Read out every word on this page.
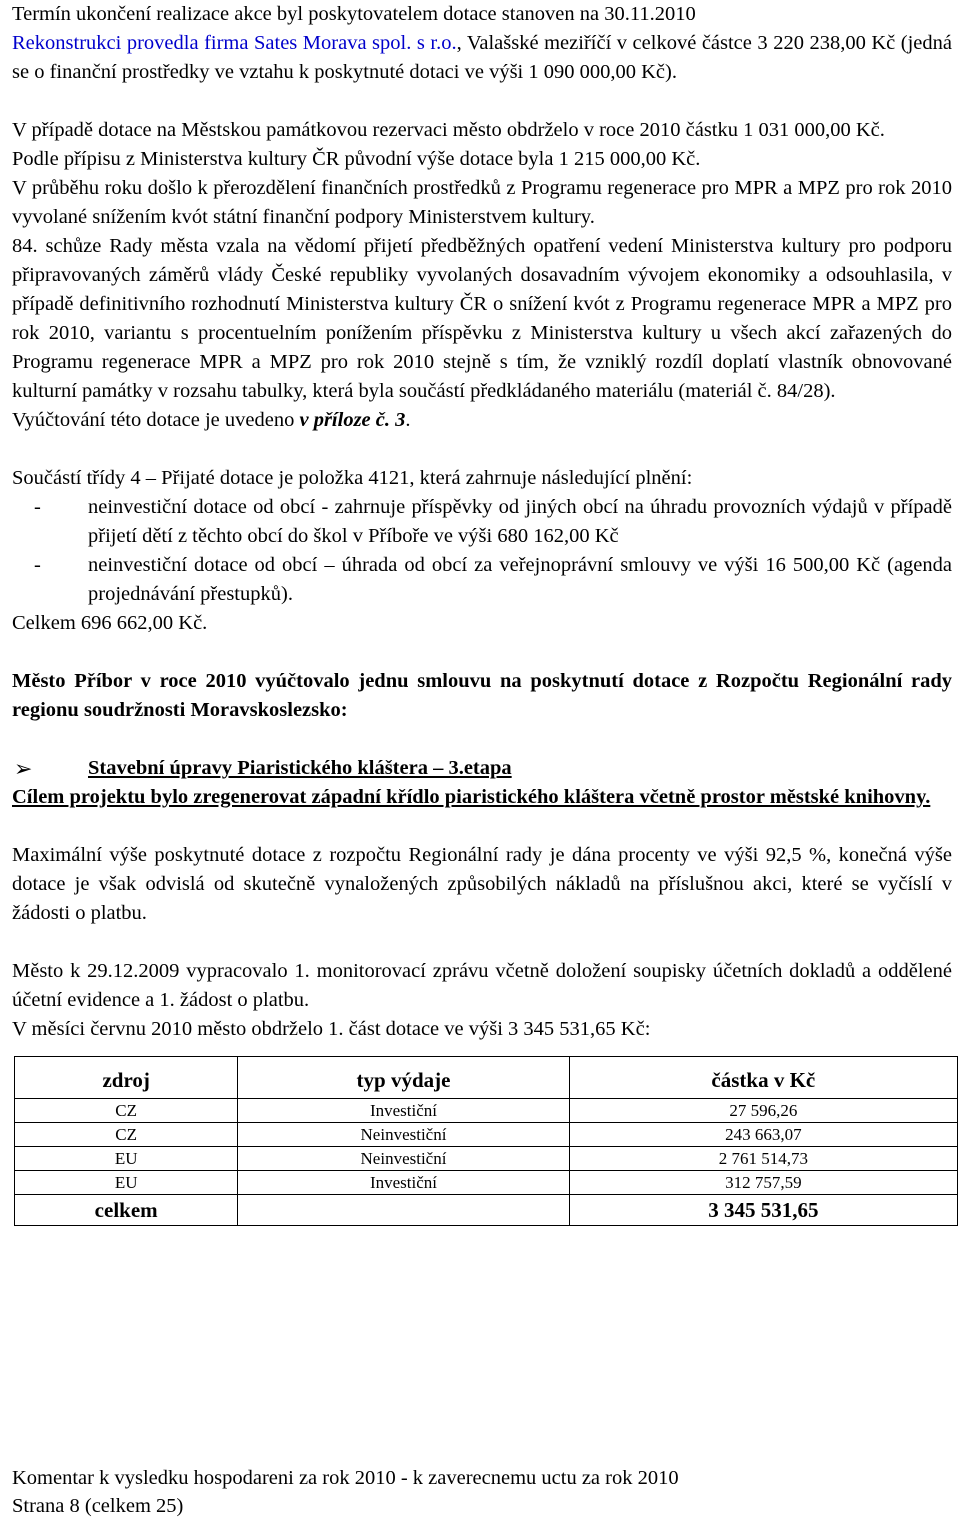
Termín ukončení realizace akce byl poskytovatelem dotace stanoven na 30.11.2010

Rekonstrukci provedla firma Sates Morava spol. s r.o., Valašské meziříčí v celkové částce 3 220 238,00 Kč (jedná se o finanční prostředky ve vztahu k poskytnuté dotaci ve výši 1 090 000,00 Kč).

V případě dotace na Městskou památkovou rezervaci město obdrželo v roce 2010 částku 1 031 000,00 Kč.

Podle přípisu z Ministerstva kultury ČR původní výše dotace byla 1 215 000,00 Kč.

V průběhu roku došlo k přerozdělení finančních prostředků z Programu regenerace pro MPR a MPZ pro rok 2010 vyvolané snížením kvót státní finanční podpory Ministerstvem kultury.

84. schůze Rady města vzala na vědomí přijetí předběžných opatření vedení Ministerstva kultury pro podporu připravovaných záměrů vlády České republiky vyvolaných dosavadním vývojem ekonomiky a odsouhlasila, v případě definitivního rozhodnutí Ministerstva kultury ČR o snížení kvót z Programu regenerace MPR a MPZ pro rok 2010, variantu s procentuelním ponížením příspěvku z Ministerstva kultury u všech akcí zařazených do Programu regenerace MPR a MPZ pro rok 2010 stejně s tím, že vzniklý rozdíl doplatí vlastník obnovované kulturní památky v rozsahu tabulky, která byla součástí předkládaného materiálu (materiál č. 84/28).

Vyúčtování této dotace je uvedeno v příloze č. 3.

Součástí třídy 4 – Přijaté dotace je položka 4121, která zahrnuje následující plnění:

- neinvestiční dotace od obcí - zahrnuje příspěvky od jiných obcí na úhradu provozních výdajů v případě přijetí dětí z těchto obcí do škol v Příboře ve výši 680 162,00 Kč
- neinvestiční dotace od obcí – úhrada od obcí za veřejnoprávní smlouvy ve výši 16 500,00 Kč (agenda projednávání přestupků).

Celkem 696 662,00 Kč.

Město Příbor v roce 2010 vyúčtovalo jednu smlouvu na poskytnutí dotace z Rozpočtu Regionální rady regionu soudržnosti Moravskoslezsko:

➢	Stavební úpravy Piaristického kláštera – 3.etapa

Cílem projektu bylo zregenerovat západní křídlo piaristického kláštera včetně prostor městské knihovny.

Maximální výše poskytnuté dotace z rozpočtu Regionální rady je dána procenty ve výši 92,5 %, konečná výše dotace je však odvislá od skutečně vynaložených způsobilých nákladů na příslušnou akci, které se vyčíslí v žádosti o platbu.

Město k 29.12.2009 vypracovalo 1. monitorovací zprávu včetně doložení soupisky účetních dokladů a oddělené účetní evidence a 1. žádost o platbu.

V měsíci červnu 2010 město obdrželo 1. část dotace ve výši 3 345 531,65 Kč:

zdroj	typ výdaje	částka v Kč
CZ	Investiční	27 596,26
CZ	Neinvestiční	243 663,07
EU	Neinvestiční	2 761 514,73
EU	Investiční	312 757,59
celkem		3 345 531,65
Komentar k vysledku hospodareni za rok 2010 - k zaverecnemu uctu za rok 2010
Strana 8 (celkem 25)
